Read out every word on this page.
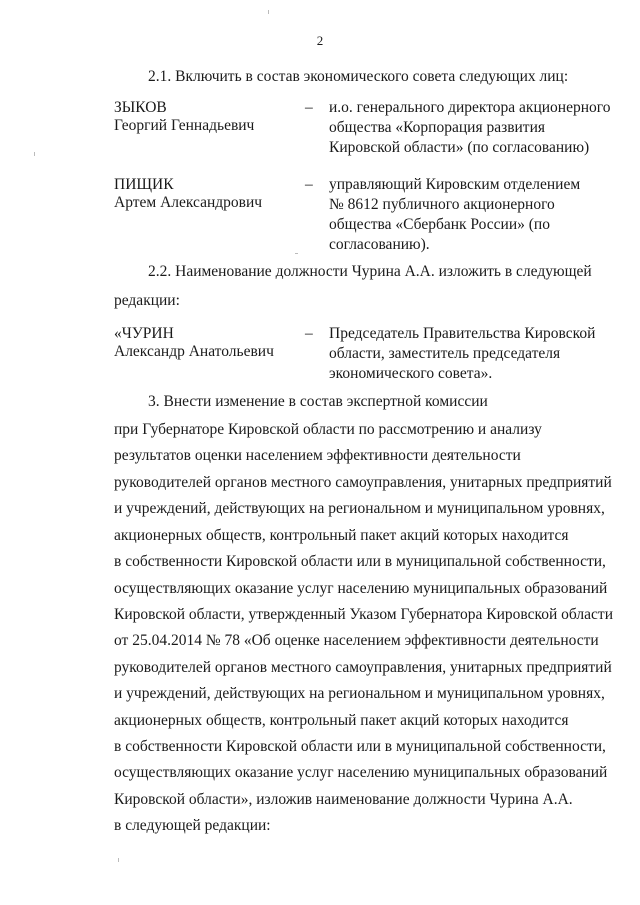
2
2.1. Включить в состав экономического совета следующих лиц:
ЗЫКОВ
Георгий Геннадьевич
– и.о. генерального директора акционерного
общества «Корпорация развития
Кировской области» (по согласованию)
ПИЩИК
Артем Александрович
– управляющий Кировским отделением
№ 8612 публичного акционерного
общества «Сбербанк России» (по
согласованию).
2.2. Наименование должности Чурина А.А. изложить в следующей
редакции:
«ЧУРИН
Александр Анатольевич
– Председатель Правительства Кировской
области, заместитель председателя
экономического совета».
3. Внести изменение в состав экспертной комиссии
при Губернаторе Кировской области по рассмотрению и анализу
результатов оценки населением эффективности деятельности
руководителей органов местного самоуправления, унитарных предприятий
и учреждений, действующих на региональном и муниципальном уровнях,
акционерных обществ, контрольный пакет акций которых находится
в собственности Кировской области или в муниципальной собственности,
осуществляющих оказание услуг населению муниципальных образований
Кировской области, утвержденный Указом Губернатора Кировской области
от 25.04.2014 № 78 «Об оценке населением эффективности деятельности
руководителей органов местного самоуправления, унитарных предприятий
и учреждений, действующих на региональном и муниципальном уровнях,
акционерных обществ, контрольный пакет акций которых находится
в собственности Кировской области или в муниципальной собственности,
осуществляющих оказание услуг населению муниципальных образований
Кировской области», изложив наименование должности Чурина А.А.
в следующей редакции:
